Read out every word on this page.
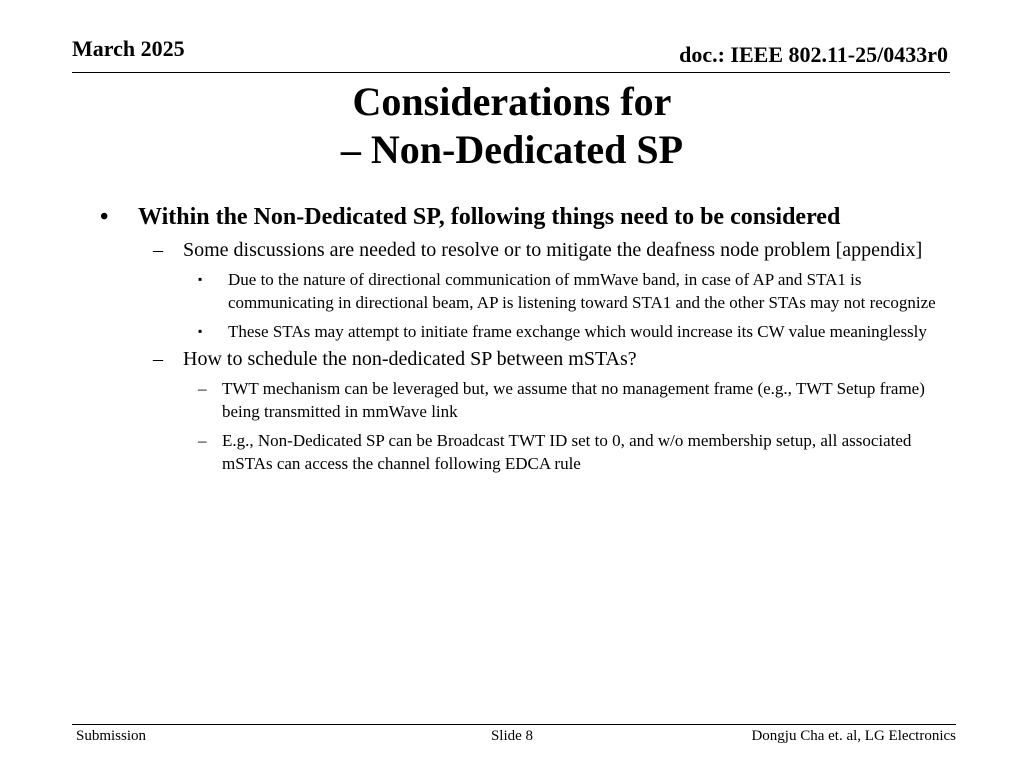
March 2025	doc.: IEEE 802.11-25/0433r0
Considerations for
– Non-Dedicated SP
• Within the Non-Dedicated SP, following things need to be considered
– Some discussions are needed to resolve or to mitigate the deafness node problem [appendix]
▪ Due to the nature of directional communication of mmWave band, in case of AP and STA1 is communicating in directional beam, AP is listening toward STA1 and the other STAs may not recognize
▪ These STAs may attempt to initiate frame exchange which would increase its CW value meaninglessly
– How to schedule the non-dedicated SP between mSTAs?
– TWT mechanism can be leveraged but, we assume that no management frame (e.g., TWT Setup frame) being transmitted in mmWave link
– E.g., Non-Dedicated SP can be Broadcast TWT ID set to 0, and w/o membership setup, all associated mSTAs can access the channel following EDCA rule
Submission	Slide 8	Dongju Cha et. al, LG Electronics
